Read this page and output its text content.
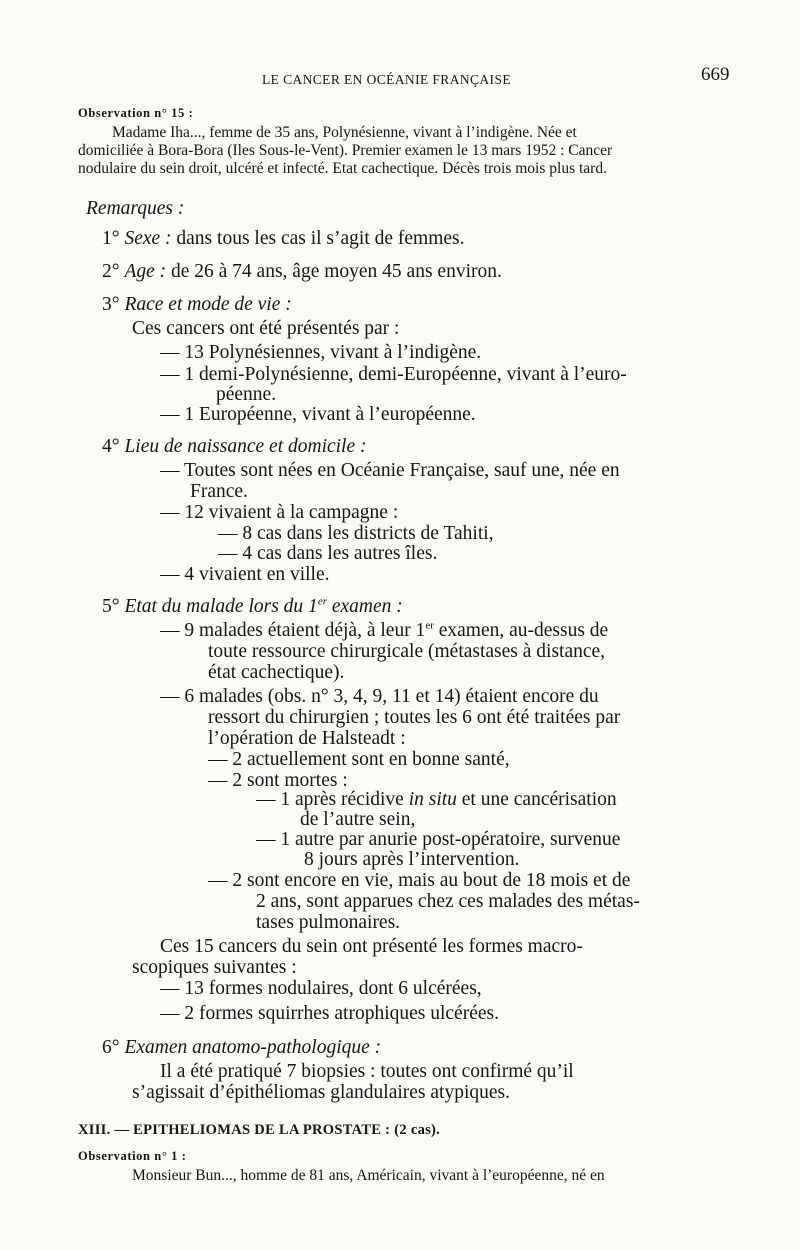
LE CANCER EN OCÉANIE FRANÇAISE	669
Observation n° 15 :
Madame Iha..., femme de 35 ans, Polynésienne, vivant à l’indigène. Née et
domiciliée à Bora-Bora (Iles Sous-le-Vent). Premier examen le 13 mars 1952 : Cancer
nodulaire du sein droit, ulcéré et infecté. Etat cachectique. Décès trois mois plus tard.
Remarques :
1° Sexe : dans tous les cas il s’agit de femmes.
2° Age : de 26 à 74 ans, âge moyen 45 ans environ.
3° Race et mode de vie :
Ces cancers ont été présentés par :
— 13 Polynésiennes, vivant à l’indigène.
— 1 demi-Polynésienne, demi-Européenne, vivant à l’euro-
péenne.
— 1 Européenne, vivant à l’européenne.
4° Lieu de naissance et domicile :
— Toutes sont nées en Océanie Française, sauf une, née en
France.
— 12 vivaient à la campagne :
— 8 cas dans les districts de Tahiti,
— 4 cas dans les autres îles.
— 4 vivaient en ville.
5° Etat du malade lors du 1er examen :
— 9 malades étaient déjà, à leur 1er examen, au-dessus de
toute ressource chirurgicale (métastases à distance,
état cachectique).
— 6 malades (obs. n° 3, 4, 9, 11 et 14) étaient encore du
ressort du chirurgien ; toutes les 6 ont été traitées par
l’opération de Halsteadt :
— 2 actuellement sont en bonne santé,
— 2 sont mortes :
— 1 après récidive in situ et une cancérisation
de l’autre sein,
— 1 autre par anurie post-opératoire, survenue
8 jours après l’intervention.
— 2 sont encore en vie, mais au bout de 18 mois et de
2 ans, sont apparues chez ces malades des métas-
tases pulmonaires.
Ces 15 cancers du sein ont présenté les formes macro-
scopiques suivantes :
— 13 formes nodulaires, dont 6 ulcérées,
— 2 formes squirrhes atrophiques ulcérées.
6° Examen anatomo-pathologique :
Il a été pratiqué 7 biopsies : toutes ont confirmé qu’il
s’agissait d’épithéliomas glandulaires atypiques.
XIII. — EPITHELIOMAS DE LA PROSTATE : (2 cas).
Observation n° 1 :
Monsieur Bun..., homme de 81 ans, Américain, vivant à l’européenne, né en
